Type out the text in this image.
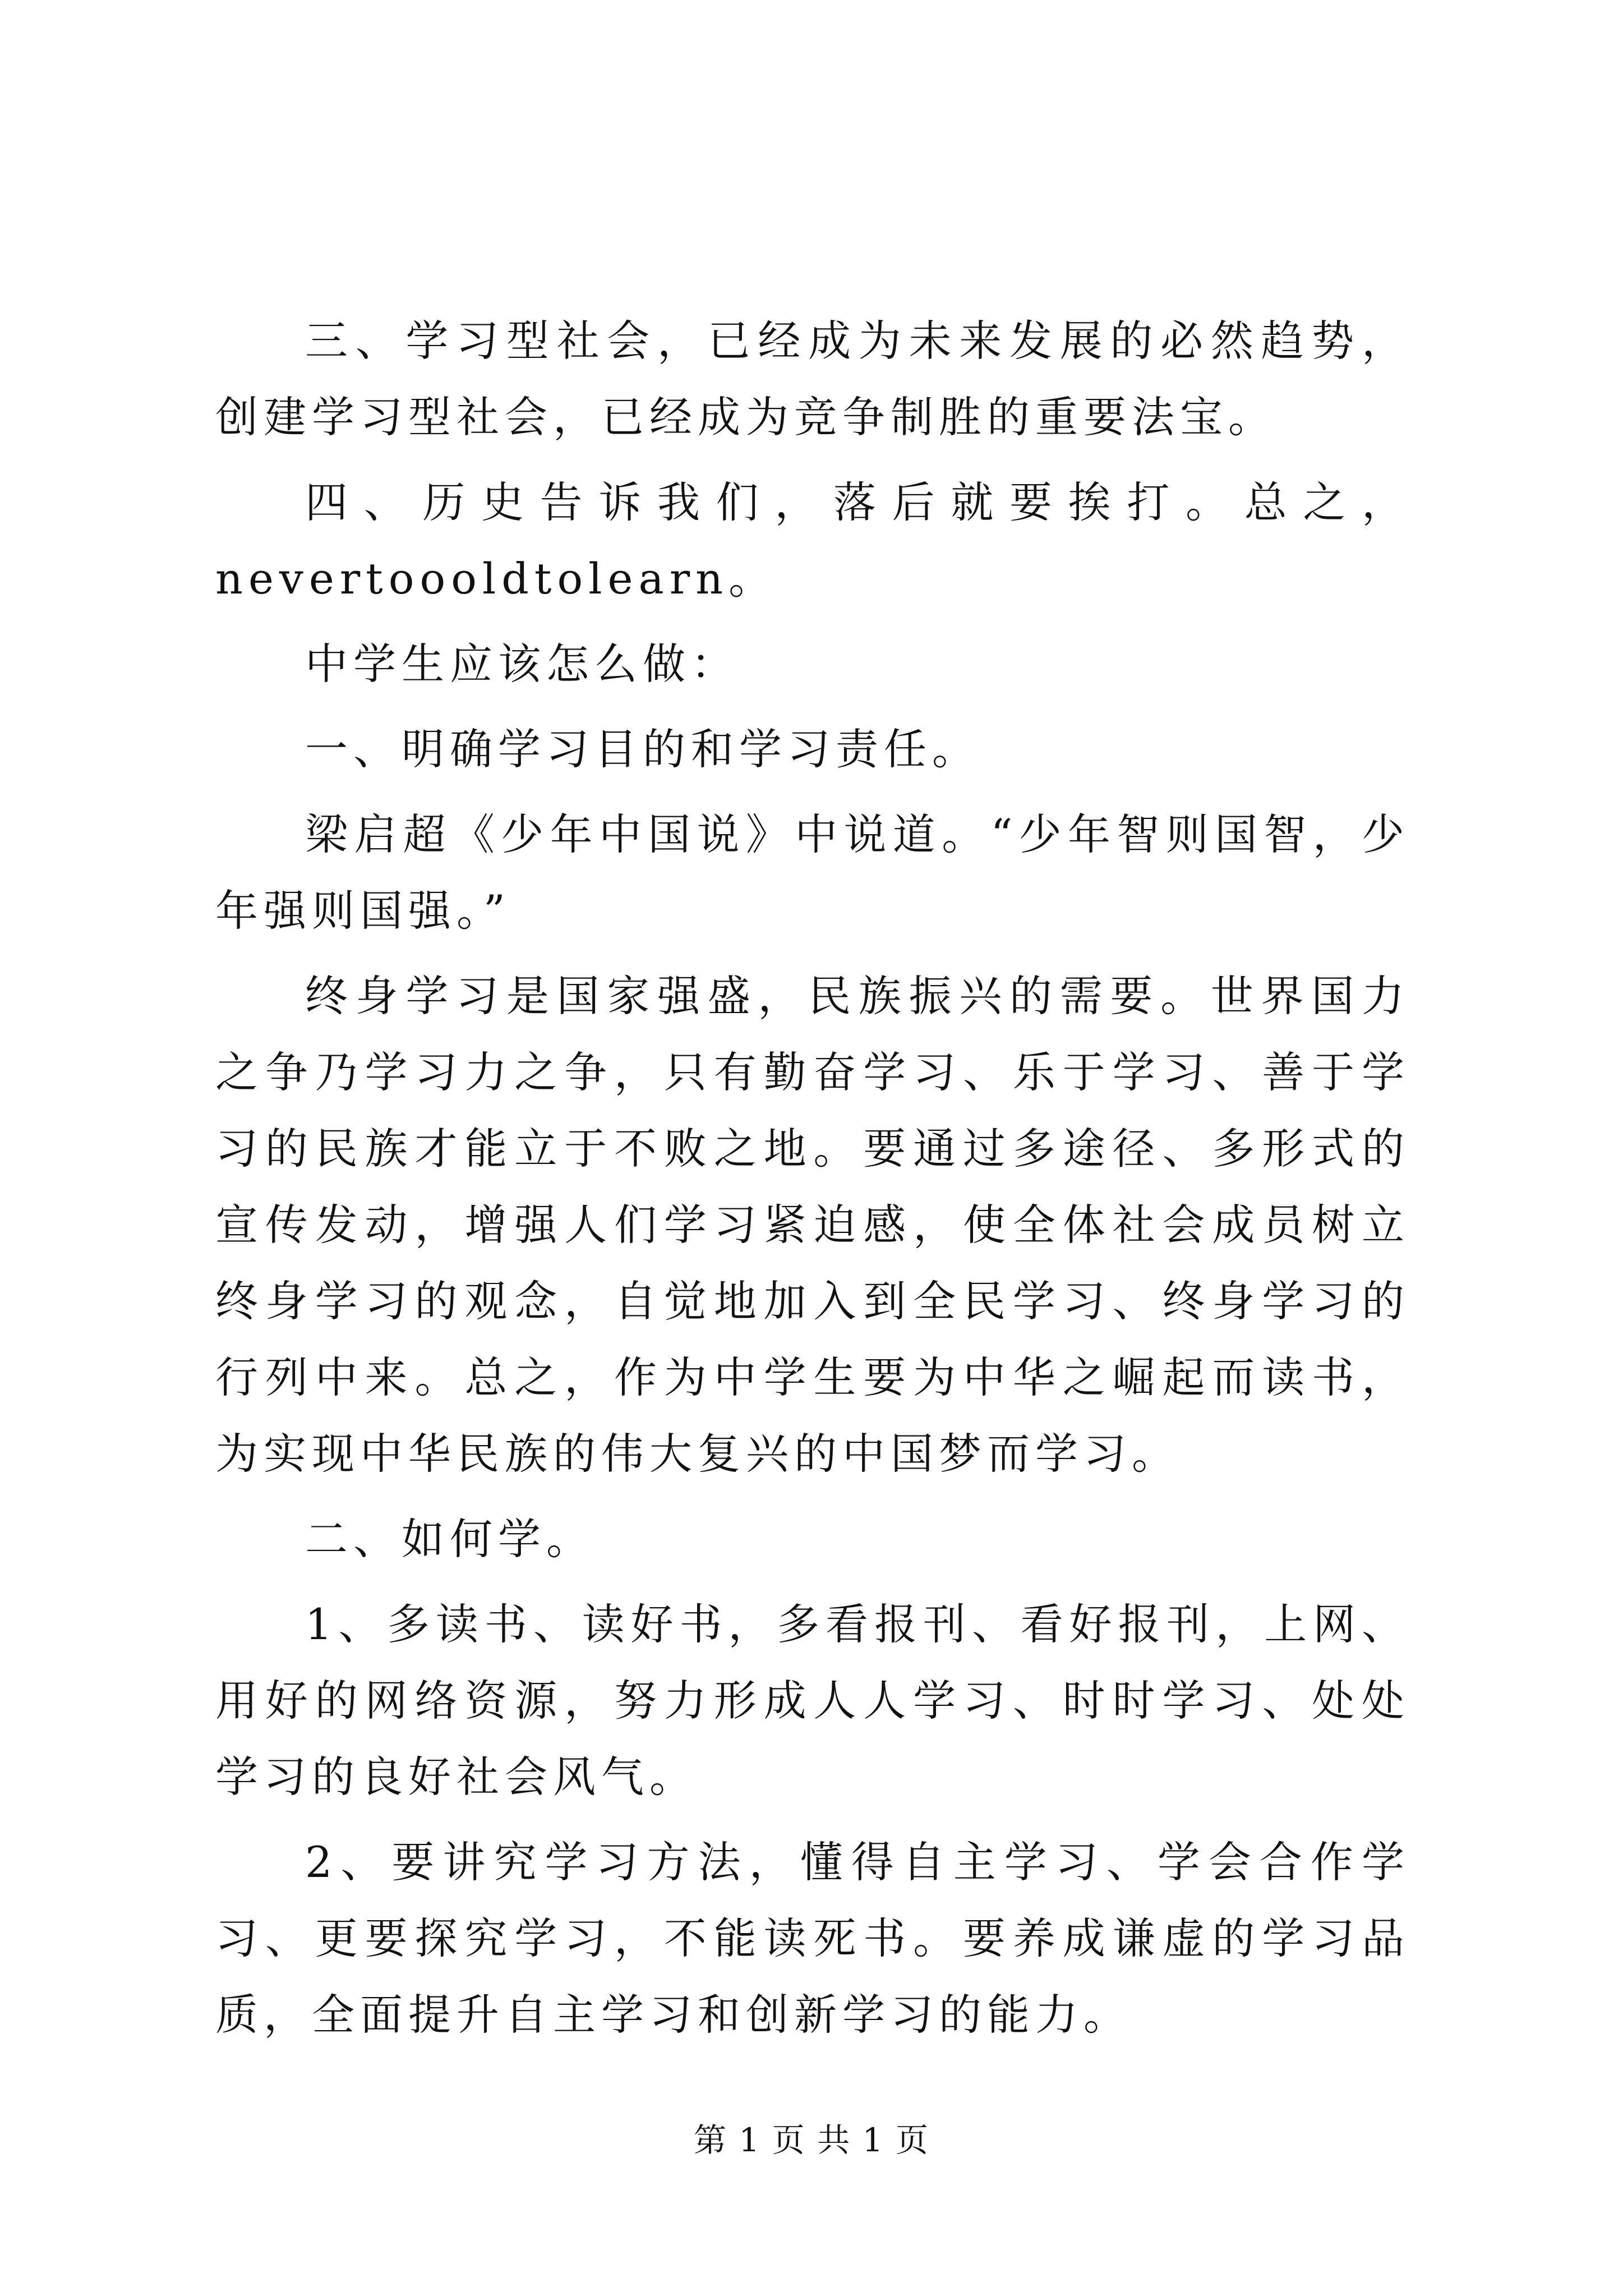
三、学习型社会，已经成为未来发展的必然趋势，创建学习型社会，已经成为竞争制胜的重要法宝。

四、历史告诉我们，落后就要挨打。总之，

nevertoooldtolearn。

中学生应该怎么做：

一、明确学习目的和学习责任。

梁启超《少年中国说》中说道。“少年智则国智，少年强则国强。”

终身学习是国家强盛，民族振兴的需要。世界国力之争乃学习力之争，只有勤奋学习、乐于学习、善于学习的民族才能立于不败之地。要通过多途径、多形式的宣传发动，增强人们学习紧迫感，使全体社会成员树立终身学习的观念，自觉地加入到全民学习、终身学习的行列中来。总之，作为中学生要为中华之崛起而读书，为实现中华民族的伟大复兴的中国梦而学习。

二、如何学。

1、多读书、读好书，多看报刊、看好报刊，上网、用好的网络资源，努力形成人人学习、时时学习、处处学习的良好社会风气。

2、要讲究学习方法，懂得自主学习、学会合作学习、更要探究学习，不能读死书。要养成谦虚的学习品质，全面提升自主学习和创新学习的能力。

第 1 页 共 1 页
